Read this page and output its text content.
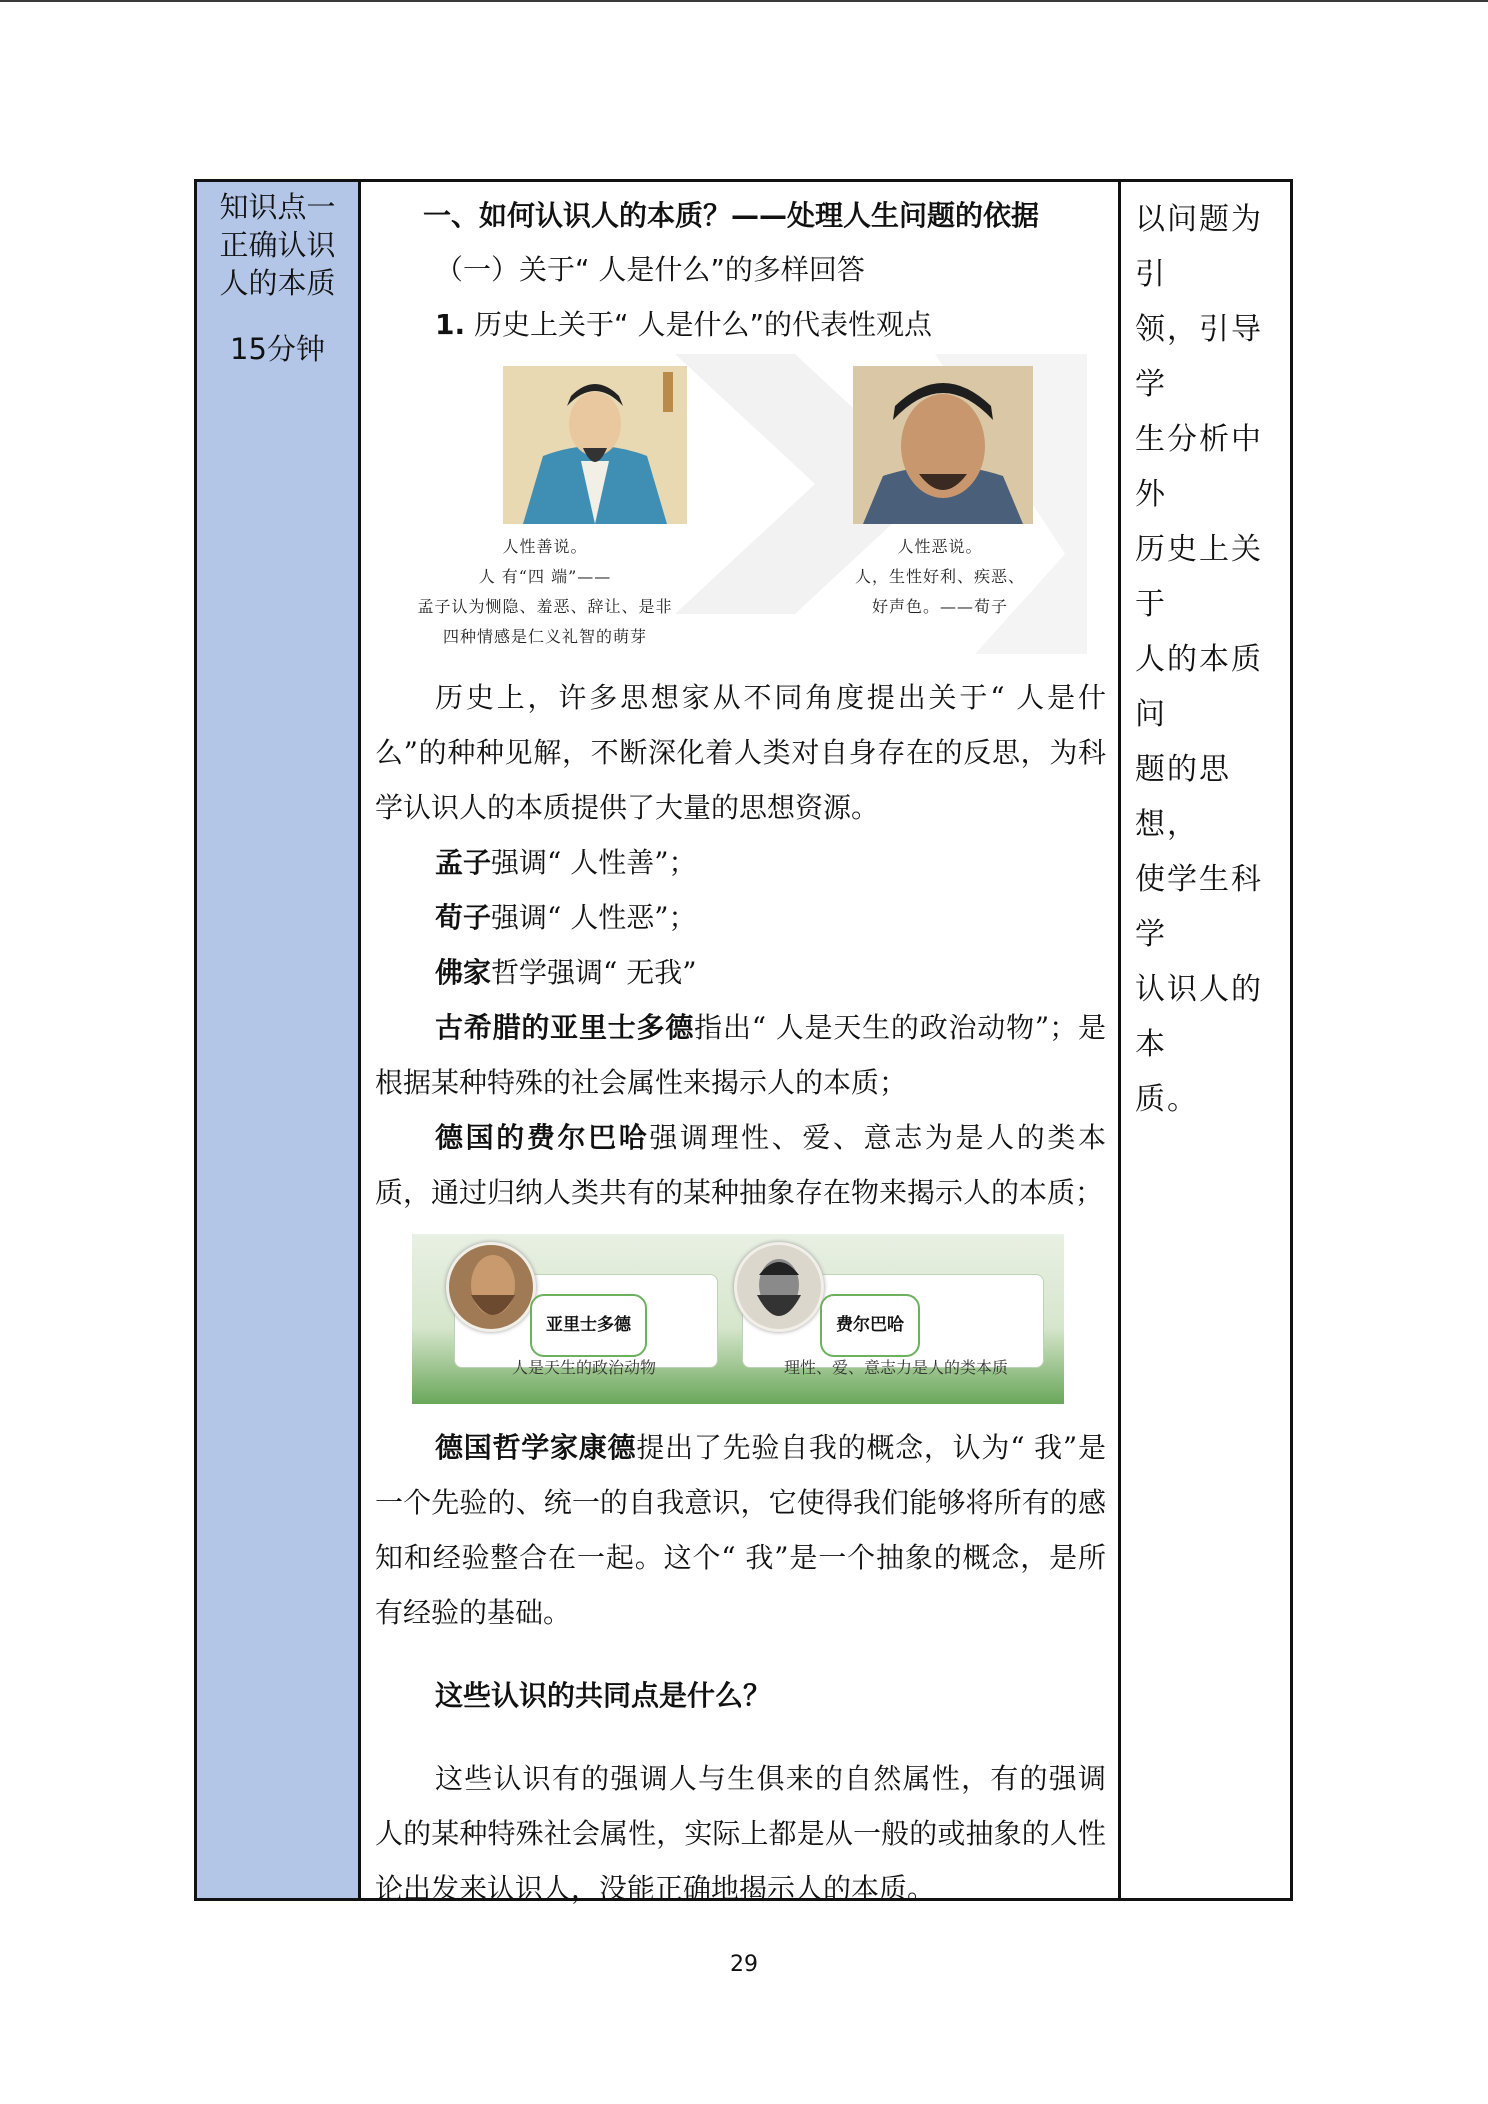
知识点一
正确认识
人的本质
15分钟
一、如何认识人的本质？——处理人生问题的依据
（一）关于“ 人是什么”的多样回答
1. 历史上关于“ 人是什么”的代表性观点
人性善说。
人 有“四 端”——
孟子认为恻隐、羞恶、辞让、是非
四种情感是仁义礼智的萌芽
人性恶说。
人，生性好利、疾恶、
好声色。——荀子

历史上，许多思想家从不同角度提出关于“ 人是什么”的种种见解，不断深化着人类对自身存在的反思，为科学认识人的本质提供了大量的思想资源。

孟子强调“ 人性善”；

荀子强调“ 人性恶”；

佛家哲学强调“ 无我”

古希腊的亚里士多德指出“ 人是天生的政治动物”；是根据某种特殊的社会属性来揭示人的本质；

德国的费尔巴哈强调理性、爱、意志为是人的类本质，通过归纳人类共有的某种抽象存在物来揭示人的本质；

亚里士多德
人是天生的政治动物
费尔巴哈
理性、爱、意志力是人的类本质

德国哲学家康德提出了先验自我的概念，认为“ 我”是一个先验的、统一的自我意识，它使得我们能够将所有的感知和经验整合在一起。这个“ 我”是一个抽象的概念，是所有经验的基础。

这些认识的共同点是什么？

这些认识有的强调人与生俱来的自然属性，有的强调人的某种特殊社会属性，实际上都是从一般的或抽象的人性论出发来认识人，没能正确地揭示人的本质。

以问题为引
领，引导学
生分析中外
历史上关于
人的本质问
题的思想，
使学生科学
认识人的本
质。
29
